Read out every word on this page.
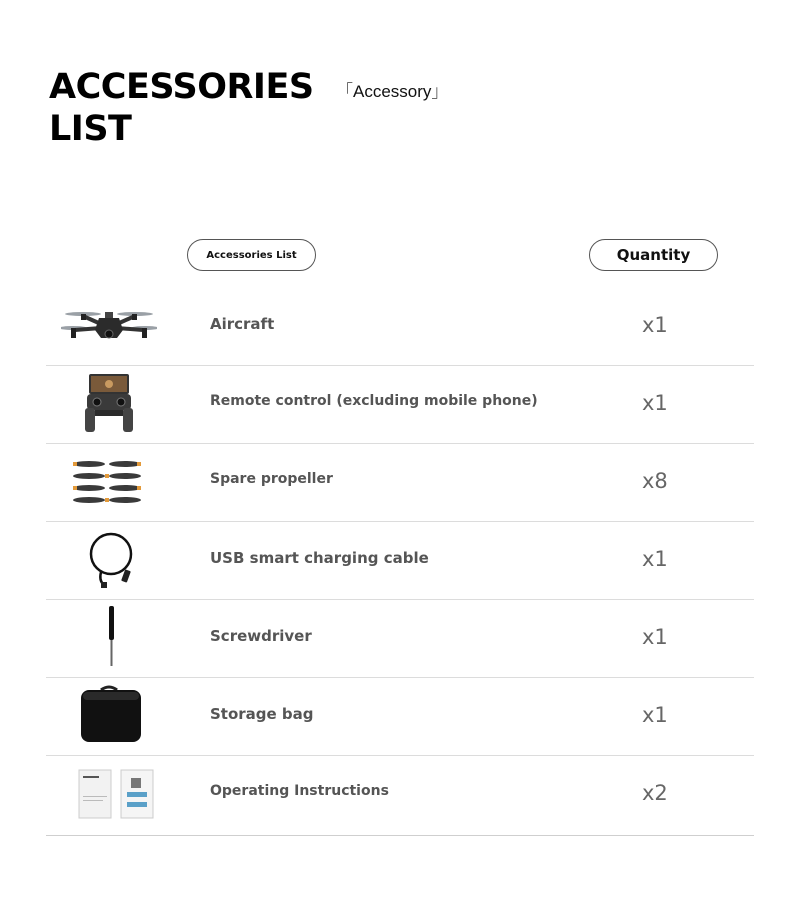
ACCESSORIES
LIST
「Accessory」
Accessories List	Quantity
Aircraft	x1
Remote control (excluding mobile phone)	x1
Spare propeller	x8
USB smart charging cable	x1
Screwdriver	x1
Storage bag	x1
Operating Instructions	x2
